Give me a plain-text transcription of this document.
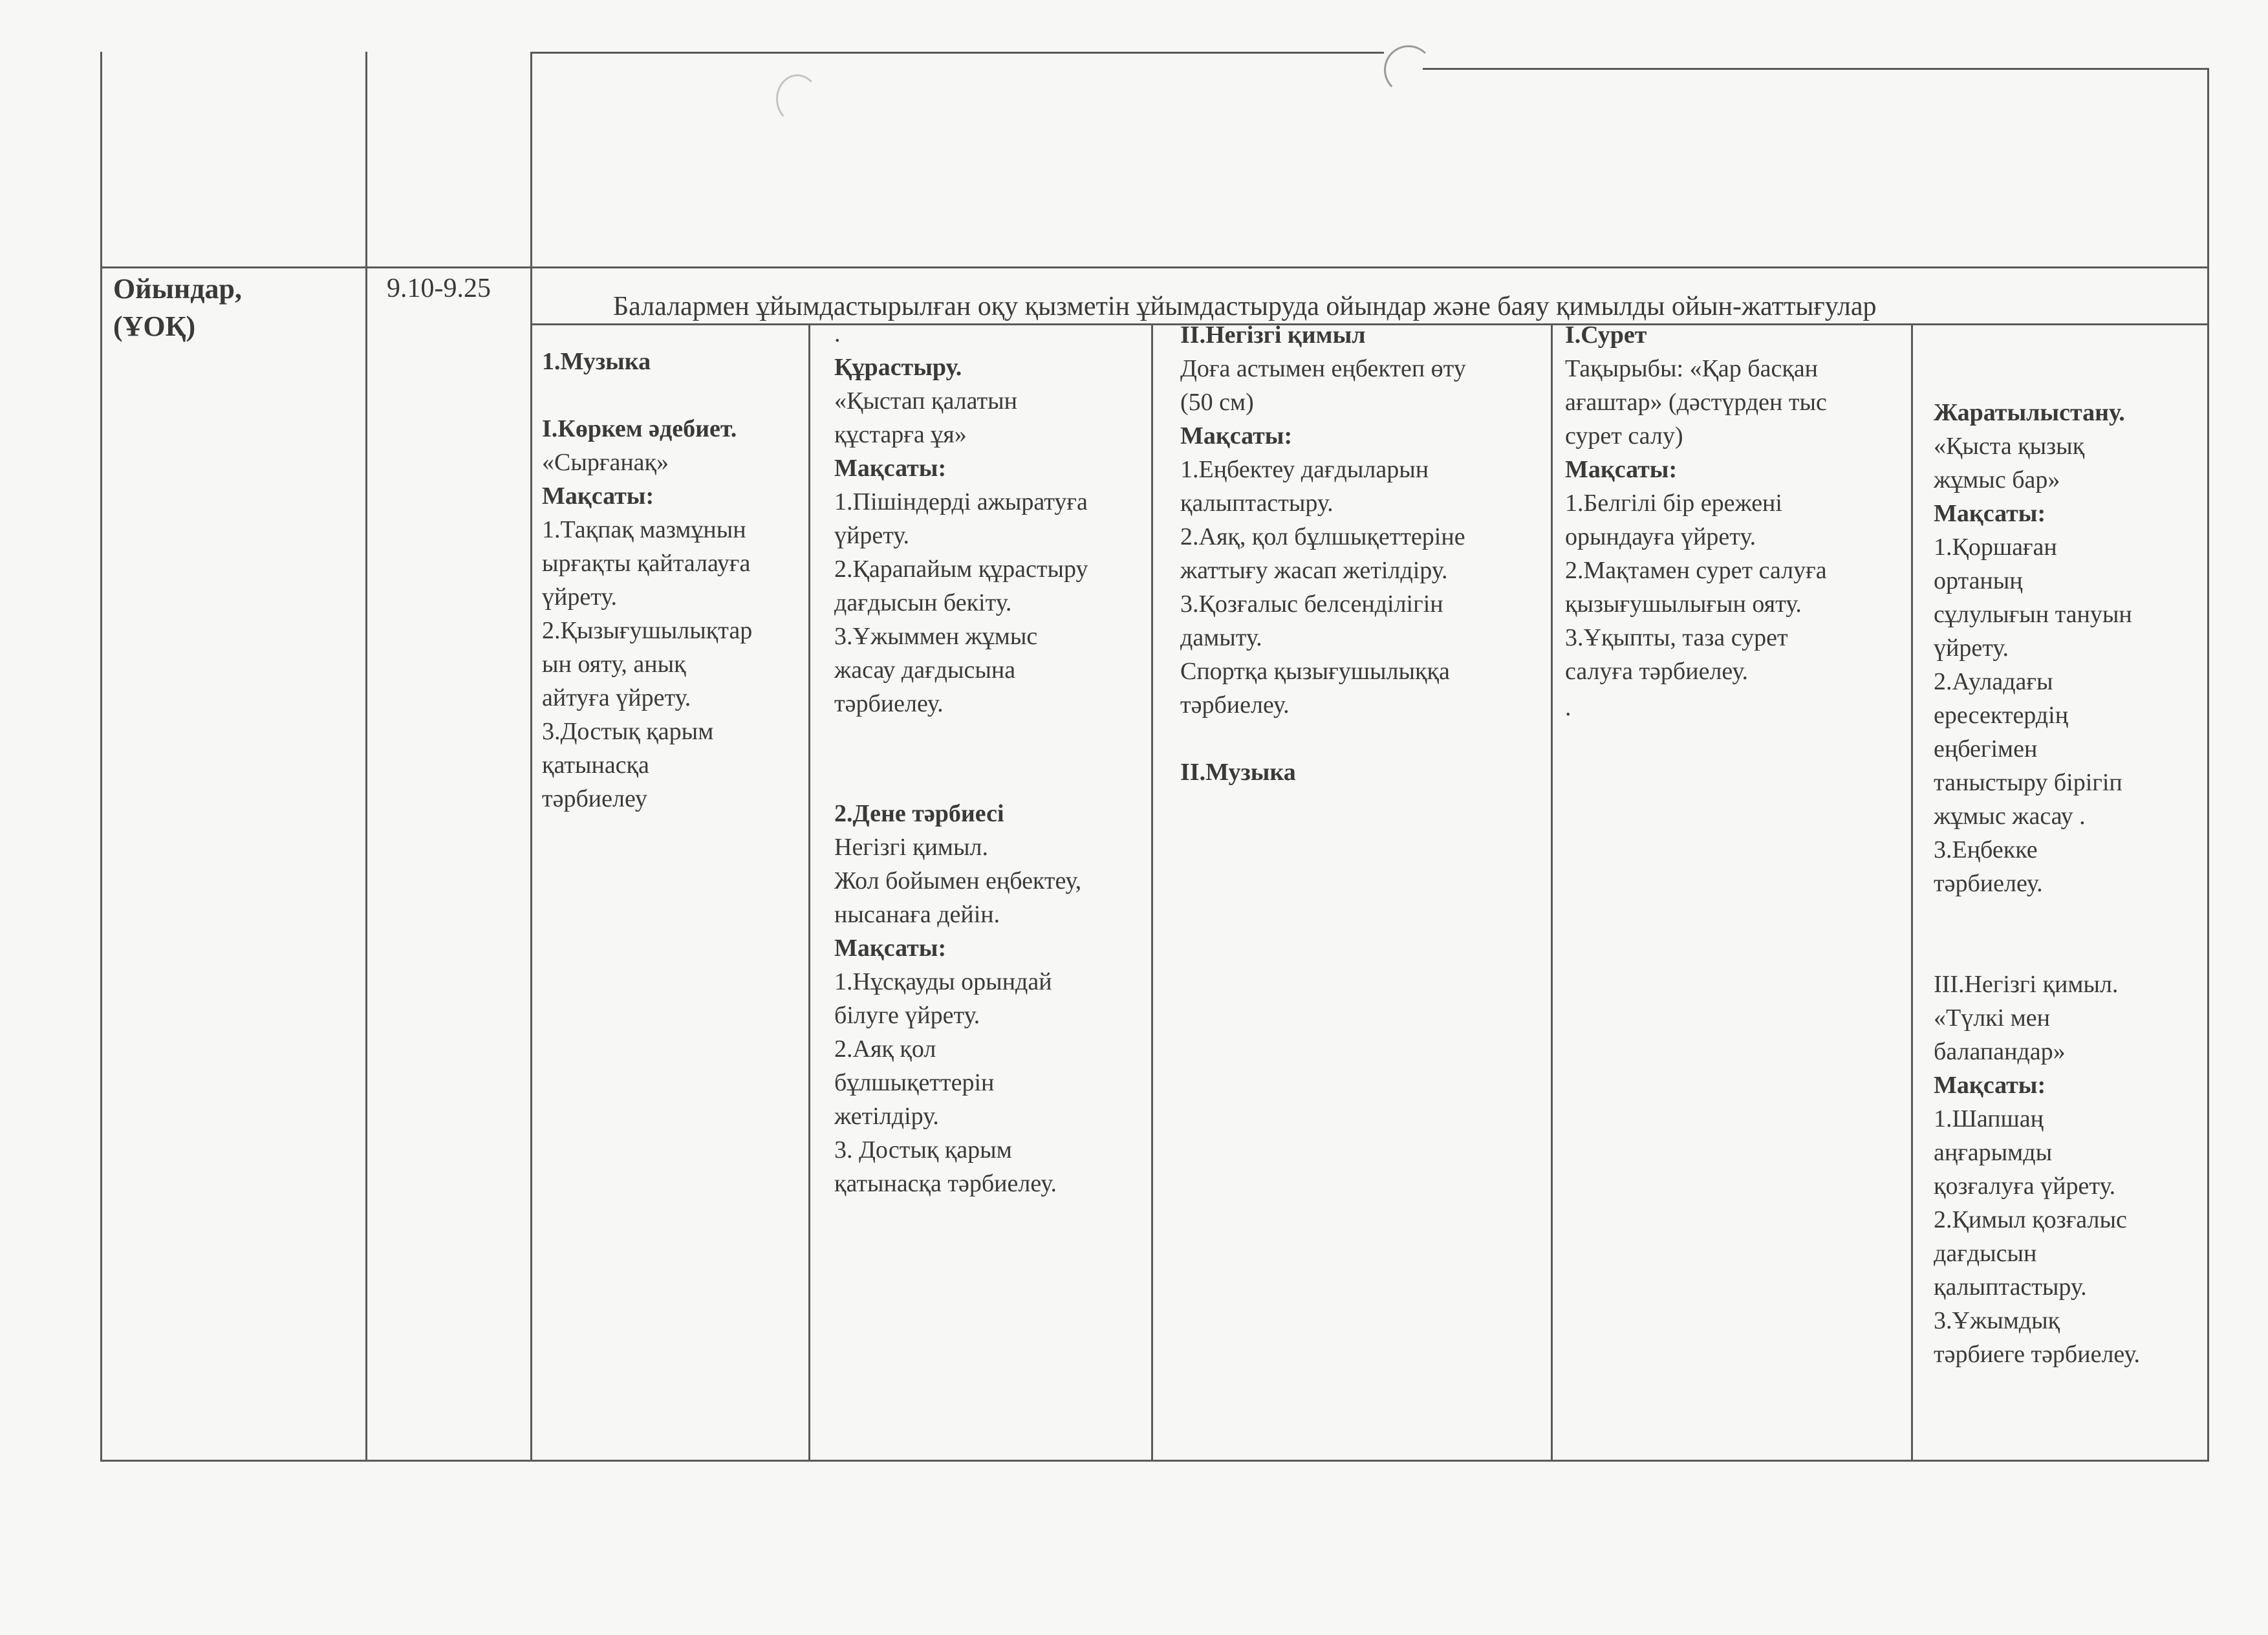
Ойындар,
(ҰОҚ)
9.10-9.25
Балалармен ұйымдастырылған оқу қызметін ұйымдастыруда ойындар және баяу қимылды ойын-жаттығулар
1.Музыка
І.Көркем әдебиет.
«Сырғанақ»
Мақсаты:
1.Тақпақ мазмұнын
ырғақты қайталауға
үйрету.
2.Қызығушылықтар
ын ояту, анық
айтуға үйрету.
3.Достық қарым
қатынасқа
тәрбиелеу
.
Құрастыру.
«Қыстап қалатын
құстарға ұя»
Мақсаты:
1.Пішіндерді ажыратуға
үйрету.
2.Қарапайым құрастыру
дағдысын бекіту.
3.Ұжыммен жұмыс
жасау дағдысына
тәрбиелеу.
2.Дене тәрбиесі
Негізгі қимыл.
Жол бойымен еңбектеу,
нысанаға дейін.
Мақсаты:
1.Нұсқауды орындай
білуге үйрету.
2.Аяқ қол
бұлшықеттерін
жетілдіру.
3. Достық қарым
қатынасқа тәрбиелеу.
ІІ.Негізгі қимыл
Доға астымен еңбектеп өту
(50 см)
Мақсаты:
1.Еңбектеу дағдыларын
қалыптастыру.
2.Аяқ, қол бұлшықеттеріне
жаттығу жасап жетілдіру.
3.Қозғалыс белсенділігін
дамыту.
Спортқа қызығушылыққа
тәрбиелеу.
ІІ.Музыка
І.Сурет
Тақырыбы: «Қар басқан
ағаштар» (дәстүрден тыс
сурет салу)
Мақсаты:
1.Белгілі бір ережені
орындауға үйрету.
2.Мақтамен сурет салуға
қызығушылығын ояту.
3.Ұқыпты, таза сурет
салуға тәрбиелеу.
.
Жаратылыстану.
«Қыста қызық
жұмыс бар»
Мақсаты:
1.Қоршаған
ортаның
сұлулығын тануын
үйрету.
2.Ауладағы
ересектердің
еңбегімен
таныстыру бірігіп
жұмыс жасау .
3.Еңбекке
тәрбиелеу.
ІІІ.Негізгі қимыл.
«Түлкі мен
балапандар»
Мақсаты:
1.Шапшаң
аңғарымды
қозғалуға үйрету.
2.Қимыл қозғалыс
дағдысын
қалыптастыру.
3.Ұжымдық
тәрбиеге тәрбиелеу.
